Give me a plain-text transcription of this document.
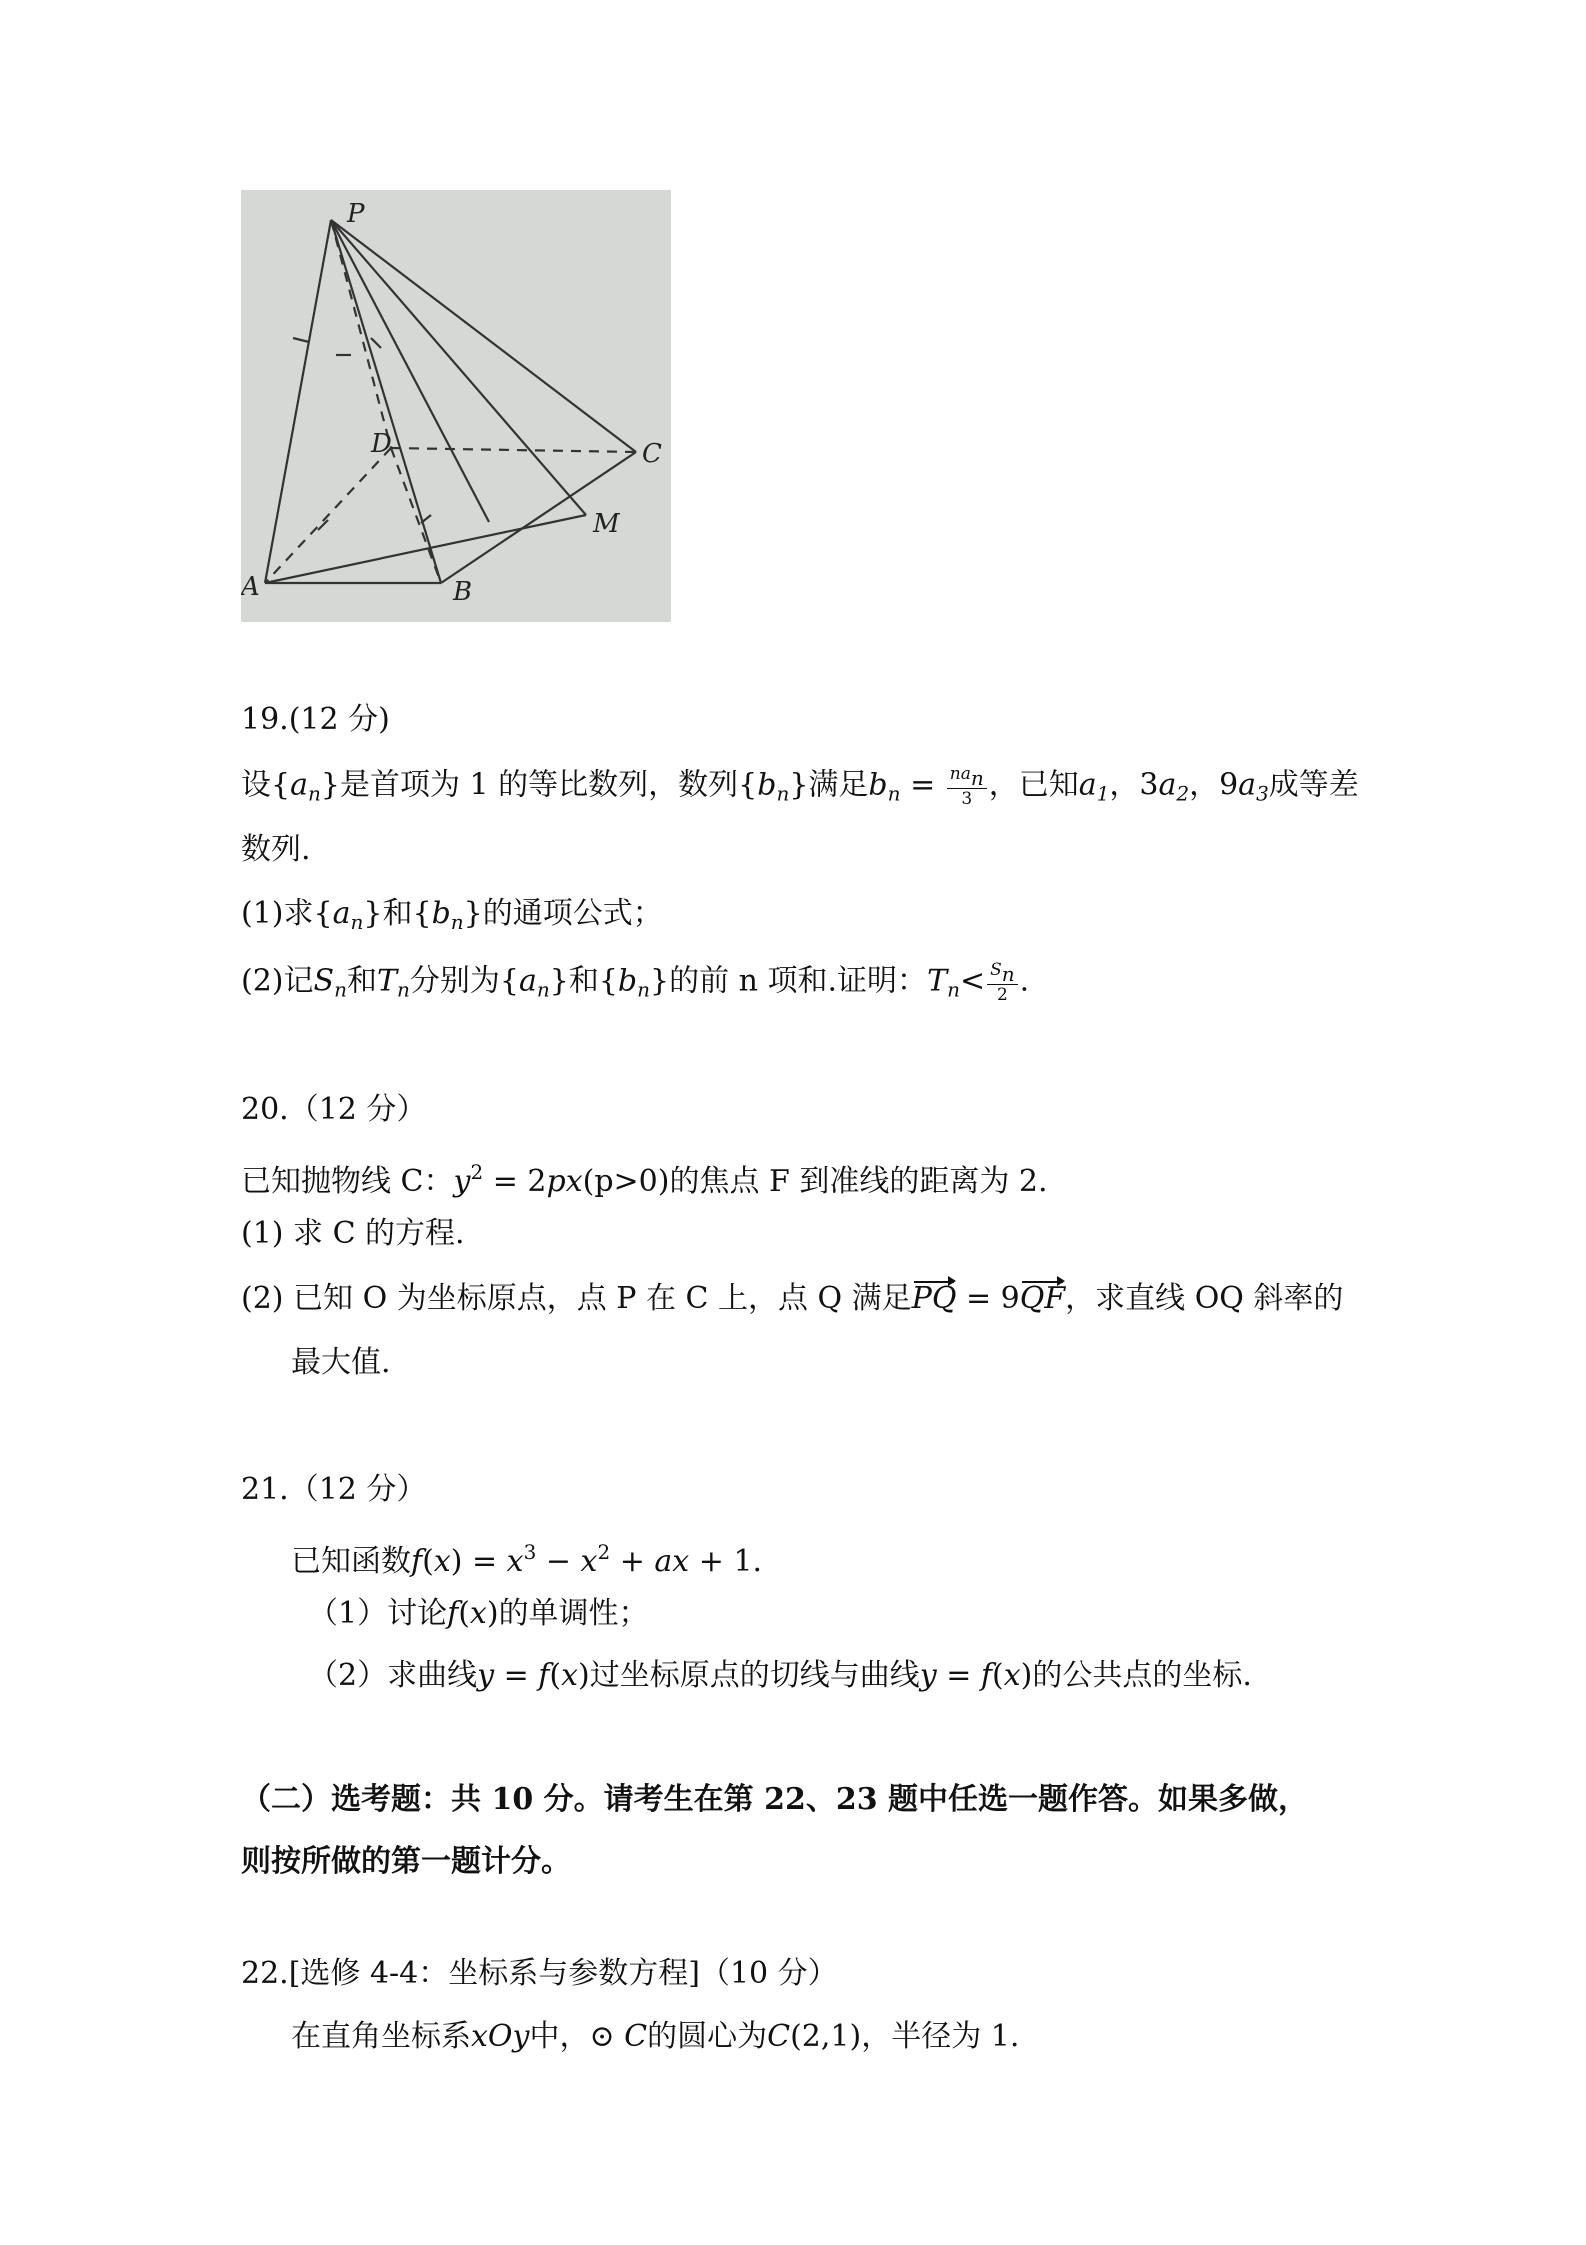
P
D	C
M
A	B
19.(12 分)
设$\{a_n\}$是首项为 1 的等比数列，数列$\{b_n\}$满足$b_n = \frac{na_n}{3}$ ，已知$a_1$，$3a_2$，$9a_3$成等差
数列.
(1)求$\{a_n\}$和$\{b_n\}$的通项公式；
(2)记$S_n$和$T_n$分别为$\{a_n\}$和$\{b_n\}$的前 n 项和.证明：$T_n< \frac{S_n}{2}$ .
20.（12 分）
已知抛物线 C：$y^2 = 2px(p>0)$的焦点 F 到准线的距离为 2.
(1) 求 C 的方程.
(2) 已知 O 为坐标原点，点 P 在 C 上，点 Q 满足PQ = 9QF，求直线 OQ 斜率的
最大值.
21.（12 分）
已知函数$f(x) = x^3 - x^2$ + ax + 1.
（1）讨论f(x)的单调性；
（2）求曲线y = f(x)过坐标原点的切线与曲线y = f(x)的公共点的坐标.
（二）选考题：共 10 分。请考生在第 22、23 题中任选一题作答。如果多做，
则按所做的第一题计分。
22.[选修 4-4：坐标系与参数方程]（10 分）
在直角坐标系xOy中，⊙ C的圆心为C(2,1)，半径为 1.
